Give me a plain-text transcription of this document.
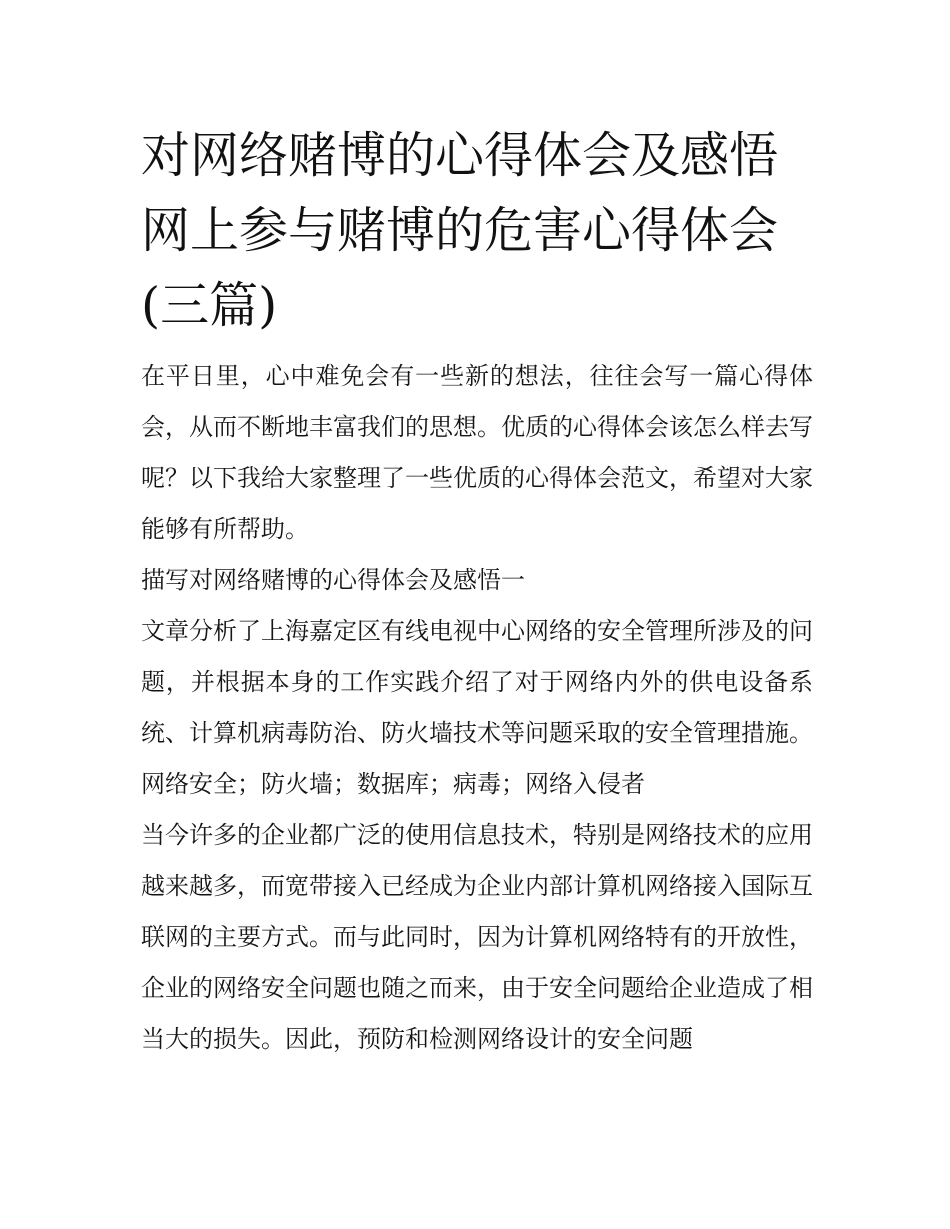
对网络赌博的心得体会及感悟
网上参与赌博的危害心得体会
(三篇)

在平日里，心中难免会有一些新的想法，往往会写一篇心得体会，从而不断地丰富我们的思想。优质的心得体会该怎么样去写呢？以下我给大家整理了一些优质的心得体会范文，希望对大家能够有所帮助。

描写对网络赌博的心得体会及感悟一

文章分析了上海嘉定区有线电视中心网络的安全管理所涉及的问题，并根据本身的工作实践介绍了对于网络内外的供电设备系统、计算机病毒防治、防火墙技术等问题采取的安全管理措施。

网络安全；防火墙；数据库；病毒；网络入侵者

当今许多的企业都广泛的使用信息技术，特别是网络技术的应用越来越多，而宽带接入已经成为企业内部计算机网络接入国际互联网的主要方式。而与此同时，因为计算机网络特有的开放性，企业的网络安全问题也随之而来，由于安全问题给企业造成了相当大的损失。因此，预防和检测网络设计的安全问题
